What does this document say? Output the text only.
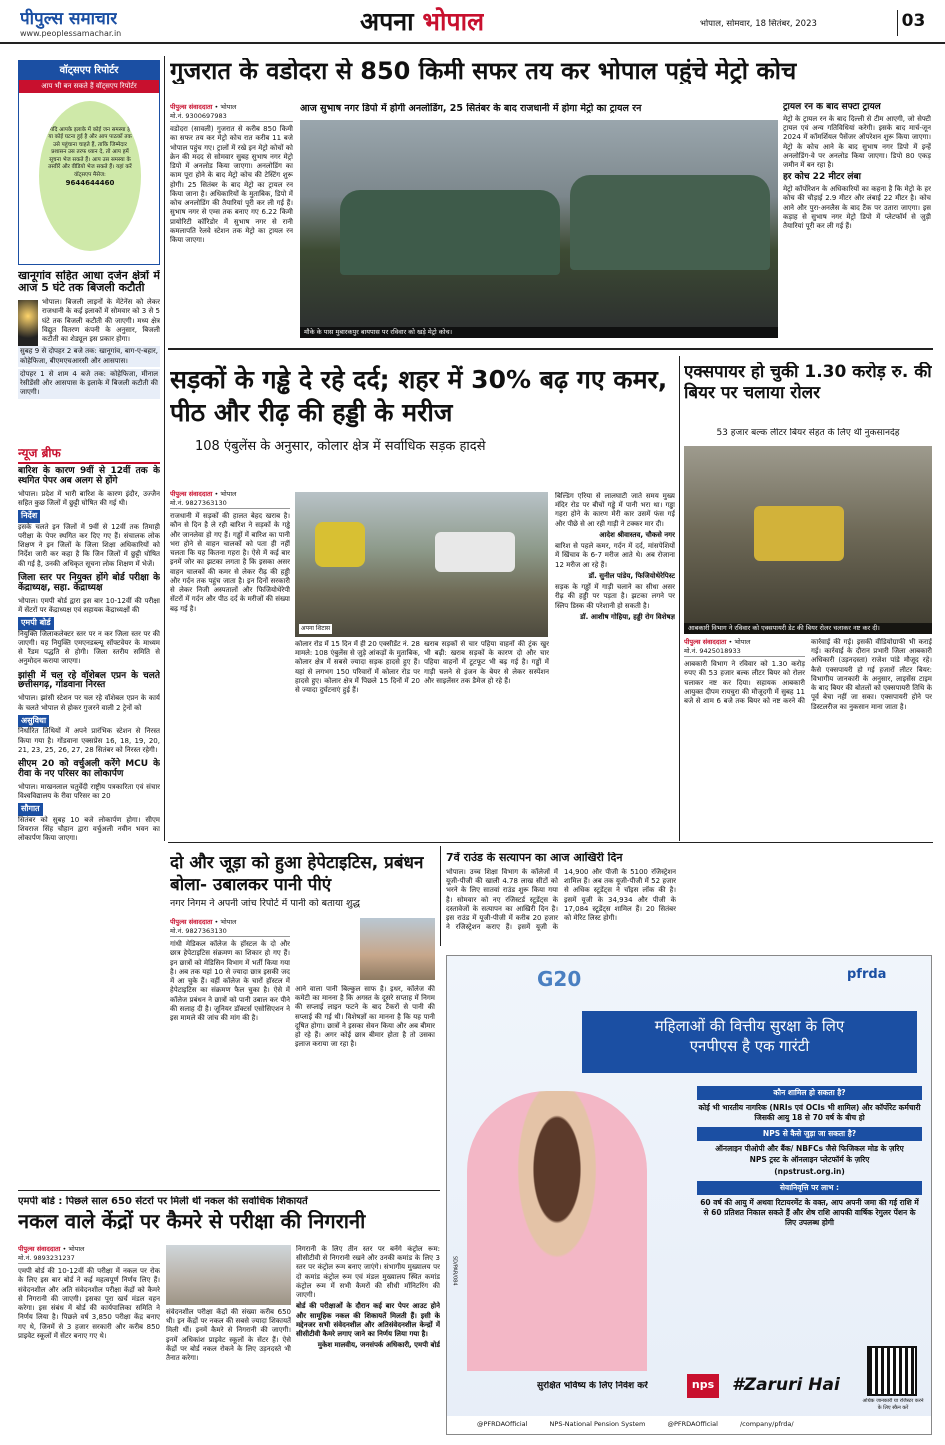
पीपुल्स समाचार
www.peoplessamachar.in	अपना भोपाल	भोपाल, सोमवार, 18 सितंबर, 2023	03
वॉट्सएप रिपोर्टर
आप भी बन सकते हैं वॉट्सएप रिपोर्टर
यदि आपके इलाके में कोई जन समस्या है या कोई घटना हुई है और आप पाठकों तक उसे पहुंचाना चाहते हैं, ताकि जिम्मेदार प्रशासन उस तरफ ध्यान दे, तो आप हमें सूचना भेज सकते हैं। आप उस समस्या के तस्वीरें और वीडियो भेज सकते हैं। यहां करें वॉट्सएप मैसेज:
9644644460
खानूगांव सहित आधा दर्जन क्षेत्रों में आज 5 घंटे तक बिजली कटौती

भोपाल। बिजली लाइनों के मेंटेनेंस को लेकर राजधानी के कई इलाकों में सोमवार को 3 से 5 घंटे तक बिजली कटौती की जाएगी। मध्य क्षेत्र विद्युत वितरण कंपनी के अनुसार, बिजली कटौती का शेड्यूल इस प्रकार होगा।

सुबह 9 से दोपहर 2 बजे तक: खानूगांव, बाग-ए-बहार, कोहेफिजा, बीएमएचआरसी और आसपास।

दोपहर 1 से शाम 4 बजे तक: कोहेफिजा, मीनाल रेसीडेंसी और आसपास के इलाके में बिजली कटौती की जाएगी।

न्यूज ब्रीफ
बारिश के कारण 9वीं से 12वीं तक के स्थगित पेपर अब अलग से होंगे

भोपाल। प्रदेश में भारी बारिश के कारण इंदौर, उज्जैन सहित कुछ जिलों में छुट्टी घोषित की गई थी।

निर्देश

इसके चलते इन जिलों में 9वीं से 12वीं तक तिमाही परीक्षा के पेपर स्थगित कर दिए गए हैं। संचालक लोक शिक्षण ने इन जिलों के जिला शिक्षा अधिकारियों को निर्देश जारी कर कहा है कि जिन जिलों में छुट्टी घोषित की गई है, उनकी अधिकृत सूचना लोक शिक्षण में भेजें।

जिला स्तर पर नियुक्त होंगे बोर्ड परीक्षा के केंद्राध्यक्ष, सहा. केंद्राध्यक्ष

भोपाल। एमपी बोर्ड द्वारा इस बार 10-12वीं की परीक्षा में सेंटरों पर केंद्राध्यक्ष एवं सहायक केंद्राध्यक्षों की

एमपी बोर्ड

नियुक्ति जिलाकलेक्टर स्तर पर न कर जिला स्तर पर की जाएगी। यह नियुक्ति एमएनडब्ल्यू सॉफ्टवेयर के माध्यम से रैंडम पद्धति से होगी। जिला स्तरीय समिति से अनुमोदन कराया जाएगा।

झांसी में चल रहे वॉशेबल एप्रन के चलते छत्तीसगढ़, गोंडवाना निरस्त

भोपाल। झांसी स्टेशन पर चल रहे वॉशेबल एप्रन के कार्य के चलते भोपाल से होकर गुजरने वाली 2 ट्रेनों को

असुविधा

निर्धारित तिथियों में अपने प्रारंभिक स्टेशन से निरस्त किया गया है। गोंडवाना एक्सप्रेस 16, 18, 19, 20, 21, 23, 25, 26, 27, 28 सितंबर को निरस्त रहेगी।

सीएम 20 को वर्चुअली करेंगे MCU के रीवा के नए परिसर का लोकार्पण

भोपाल। माखनलाल चतुर्वेदी राष्ट्रीय पत्रकारिता एवं संचार विश्वविद्यालय के रीवा परिसर का 20

सौगात

सितंबर को सुबह 10 बजे लोकार्पण होगा। सीएम शिवराज सिंह चौहान द्वारा वर्चुअली नवीन भवन का लोकार्पण किया जाएगा।

गुजरात के वडोदरा से 850 किमी सफर तय कर भोपाल पहुंचे मेट्रो कोच
आज सुभाष नगर डिपो में होगी अनलोडिंग, 25 सितंबर के बाद राजधानी में होगा मेट्रो का ट्रायल रन
पीपुल्स संवाददाता • भोपाल
मो.नं. 9300697983

वडोदरा (सावली) गुजरात से करीब 850 किमी का सफर तय कर मेट्रो कोच रात करीब 11 बजे भोपाल पहुंच गए। ट्रालों में रखे इन मेट्रो कोचों को क्रेन की मदद से सोमवार सुबह सुभाष नगर मेट्रो डिपो में अनलोड किया जाएगा। अनलोडिंग का काम पूरा होने के बाद मेट्रो कोच की टेस्टिंग शुरू होगी। 25 सितंबर के बाद मेट्रो का ट्रायल रन किया जाना है। अधिकारियों के मुताबिक, डिपो में कोच अनलोडिंग की तैयारियां पूरी कर ली गई हैं। सुभाष नगर से एम्स तक बनाए गए 6.22 किमी प्रायोरिटी कॉरिडोर में सुभाष नगर से रानी कमलापति रेलवे स्टेशन तक मेट्रो का ट्रायल रन किया जाएगा।

मौके के पास मुबारकपुर बायपास पर रविवार को खड़े मेट्रो कोच।
ट्रायल रन के बाद सेफ्टी ट्रायल

मेट्रो के ट्रायल रन के बाद दिल्ली से टीम आएगी, जो सेफ्टी ट्रायल एवं अन्य गतिविधियां करेगी। इसके बाद मार्च-जून 2024 में कॉमर्शियल पैसेंजर ऑपरेशन शुरू किया जाएगा। मेट्रो के कोच आने के बाद सुभाष नगर डिपो में इन्हें अनलोडिंग-वे पर अनलोड किया जाएगा। डिपो 80 एकड़ जमीन में बन रहा है।

हर कोच 22 मीटर लंबा

मेट्रो कॉर्पोरेशन के अधिकारियों का कहना है कि मेट्रो के हर कोच की चौड़ाई 2.9 मीटर और लंबाई 22 मीटर है। कोच आने और पुरा-अनलैस के बाद टैंक पर उतारा जाएगा। इस कड़ाह से सुभाष नगर मेट्रो डिपो में प्लेटफॉर्म से जुड़ी तैयारियां पूरी कर ली गई हैं।

सड़कों के गड्ढे दे रहे दर्द; शहर में 30% बढ़ गए कमर, पीठ और रीढ़ की हड्डी के मरीज
108 एंबुलेंस के अनुसार, कोलार क्षेत्र में सर्वाधिक सड़क हादसे
पीपुल्स संवाददाता • भोपाल
मो.नं. 9827363130

राजधानी में सड़कों की हालत बेहद खराब है। कौन से दिन है ले रही बारिश ने सड़कों के गड्ढे और जानलेवा हो गए हैं। गड्ढों में बारिश का पानी भरा होने से वाहन चालकों को पता ही नहीं चलता कि यह कितना गहरा है। ऐसे में कई बार इनमें जोर का झटका लगता है कि इसका असर वाहन चालकों की कमर से लेकर रीढ़ की हड्डी और गर्दन तक पहुंच जाता है। इन दिनों सरकारी से लेकर निजी अस्पतालों और फिजियोथेरेपी सेंटरों में गर्दन और पीठ दर्द के मरीजों की संख्या बढ़ गई है।

अपना शिटास

कोलार रोड में 15 दिन में ही 20 एक्सीडेंट नं. 28 मामले: 108 एंबुलेंस से जुड़े आंकड़ों के मुताबिक, कोलार क्षेत्र में सबसे ज्यादा सड़क हादसे हुए हैं। यहां से लगभग 150 परिवारों में कोलार रोड पर हादसे हुए। कोलार क्षेत्र में पिछले 15 दिनों में 20 से ज्यादा दुर्घटनाएं हुई हैं।

खराब सड़कों से चार पहिया वाहनों की ट्रंक खुर भी बढ़ी: खराब सड़कों के कारण दो और चार पहिया वाहनों में टूटफूट भी बढ़ गई है। गड्ढों में गाड़ी चलने से इंजन के बेयर से लेकर सस्पेंशन और साइलेंसर तक डैमेज हो रहे हैं।

बिल्डिंग एरिया से लालघाटी जाते समय मुख्य मंदिर रोड पर बीचों गड्ढे में पानी भरा था। गड्ढा गहरा होने के कारण मेरी कार उसमें फंस गई और पीछे से आ रही गाड़ी ने टक्कर मार दी।

आदेश श्रीवास्तव, चौकसे नगर

बारिश से पहले कमर, गर्दन में दर्द, मांसपेशियों में खिंचाव के 6-7 मरीज आते थे। अब रोजाना 12 मरीज आ रहे हैं।

डॉ. सुनील पांडेय, फिजियोथेरेपिस्ट

सड़क के गड्ढों में गाड़ी चलाने का सीधा असर रीढ़ की हड्डी पर पड़ता है। झटका लगने पर स्लिप डिस्क की परेशानी हो सकती है।

डॉ. आशीष गोहिया, हड्डी रोग विशेषज्ञ

एक्सपायर हो चुकी 1.30 करोड़ रु. की बियर पर चलाया रोलर
53 हजार बल्क लीटर बियर सेहत के लिए थी नुकसानदेह
आबकारी विभाग ने रविवार को एक्सपायरी डेट की बियर रोलर चलाकर नष्ट कर दी।
पीपुल्स संवाददाता • भोपाल
मो.नं. 9425018933

आबकारी विभाग ने रविवार को 1.30 करोड़ रुपए की 53 हजार बल्क लीटर बियर को रोलर चलाकर नष्ट कर दिया। सहायक आबकारी आयुक्त दीपम रायचुरा की मौजूदगी में सुबह 11 बजे से शाम 6 बजे तक बियर को नष्ट करने की कार्रवाई की गई। इसकी वीडियोग्राफी भी कराई गई। कार्रवाई के दौरान प्रभारी जिला आबकारी अधिकारी (उड़नदस्ता) राजेश पांडे मौजूद रहे। कैसे एक्सपायरी हो गई हजारों लीटर बियर: विभागीय जानकारी के अनुसार, लाइसेंस टाइम के बाद बियर की बोतलों को एक्सपायरी तिथि के पूर्व बेचा नहीं जा सका। एक्सपायरी होने पर डिस्टलरीज का नुकसान माना जाता है।

दो और जूड़ा को हुआ हेपेटाइटिस, प्रबंधन बोला- उबालकर पानी पीएं
नगर निगम ने अपनी जांच रिपोर्ट में पानी को बताया शुद्ध
पीपुल्स संवाददाता • भोपाल
मो.नं. 9827363130

गांधी मेडिकल कॉलेज के हॉस्टल के दो और छात्र हेपेटाइटिस संक्रमण का शिकार हो गए हैं। इन छात्रों को मेडिसिन विभाग में भर्ती किया गया है। अब तक यहां 10 से ज्यादा छात्र इसकी जद में आ चुके हैं। वहीं कॉलेज के चारों हॉस्टल में हेपेटाइटिस का संक्रमण फैल चुका है। ऐसे में कॉलेज प्रबंधन ने छात्रों को पानी उबाल कर पीने की सलाह दी है। जूनियर डॉक्टर्स एसोसिएशन ने इस मामले की जांच की मांग की है।

आने वाला पानी बिल्कुल साफ है। इधर, कॉलेज की कमेटी का मानना है कि अगस्त के दूसरे सप्ताह में निगम की सप्लाई लाइन फटने के बाद टैंकरों से पानी की सप्लाई की गई थी। विशेषज्ञों का मानना है कि यह पानी दूषित होगा। छात्रों ने इसका सेवन किया और अब बीमार हो रहे हैं। अगर कोई छात्र बीमार होता है तो उसका इलाज कराया जा रहा है।

7वें राउंड के सत्यापन का आज आखिरी दिन

भोपाल। उच्च शिक्षा विभाग के कॉलेजों में यूजी-पीजी की खाली 4.78 लाख सीटों को भरने के लिए सातवां राउंड शुरू किया गया है। सोमवार को नए रजिस्टर्ड स्टूडेंट्स के दस्तावेजों के सत्यापन का आखिरी दिन है। इस राउंड में यूजी-पीजी में करीब 20 हजार ने रजिस्ट्रेशन कराए हैं। इसमें यूजी के 14,900 और पीजी के 5100 रजिस्ट्रेशन शामिल हैं। अब तक यूजी-पीजी में 52 हजार से अधिक स्टूडेंट्स ने चॉइस लॉक की है। इसमें यूजी के 34,934 और पीजी के 17,084 स्टूडेंट्स शामिल हैं। 20 सितंबर को मेरिट लिस्ट होगी।

G20	pfrda
महिलाओं की वित्तीय सुरक्षा के लिए
एनपीएस है एक गारंटी
कौन शामिल हो सकता है?

कोई भी भारतीय नागरिक (NRIs एवं OCIs भी शामिल) और कॉर्पोरेट कर्मचारी जिसकी आयु 18 से 70 वर्ष के बीच हो

NPS से कैसे जुड़ा जा सकता है?

ऑनलाइन पीओपी और बैंक/ NBFCs जैसे फिजिकल मोड के ज़रिए

NPS ट्रस्ट के ऑनलाइन प्लेटफॉर्म के ज़रिए

(npstrust.org.in)

सेवानिवृत्ति पर लाभ :

60 वर्ष की आयु में अथवा रिटायरमेंट के वक्त, आप अपनी जमा की गई राशि में से 60 प्रतिशत निकाल सकते हैं और शेष राशि आपकी वार्षिक रेगुलर पेंशन के लिए उपलब्ध होगी

सुरक्षित भविष्य के लिए निवेश करें	nps #Zaruri Hai
अधिक जानकारी या रजिस्टर करने के लिए स्कैन करें
@PFRDAOfficial	NPS-National Pension System	@PFRDAOfficial	/company/pfrda/
SD/PAR/084
एमपी बोर्ड : पिछले साल 650 सेंटरों पर मिली थीं नकल की सर्वाधिक शिकायतें
नकल वाले केंद्रों पर कैमरे से परीक्षा की निगरानी
पीपुल्स संवाददाता • भोपाल
मो.नं. 9893231237

एमपी बोर्ड की 10-12वीं की परीक्षा में नकल पर रोक के लिए इस बार बोर्ड ने कई महत्वपूर्ण निर्णय लिए हैं। संवेदनशील और अति संवेदनशील परीक्षा केंद्रों को कैमरे से निगरानी की जाएगी। इसका पूरा खर्च मंडल वहन करेगा। इस संबंध में बोर्ड की कार्यपालिका समिति ने निर्णय लिया है। पिछले वर्ष 3,850 परीक्षा केंद्र बनाए गए थे, जिनमें से 3 हजार सरकारी और करीब 850 प्राइवेट स्कूलों में सेंटर बनाए गए थे।

संवेदनशील परीक्षा केंद्रों की संख्या करीब 650 थी। इन केंद्रों पर नकल की सबसे ज्यादा शिकायतें मिली थीं। इनमें कैमरे से निगरानी की जाएगी। इनमें अधिकांश प्राइवेट स्कूलों के सेंटर हैं। ऐसे केंद्रों पर बोर्ड नकल रोकने के लिए उड़नदस्ते भी तैनात करेगा।

निगरानी के लिए तीन स्तर पर बनेंगे कंट्रोल रूम: सीसीटीवी से निगरानी रखने और उनकी कमांड के लिए 3 स्तर पर कंट्रोल रूम बनाए जाएंगे। संभागीय मुख्यालय पर दो कमांड कंट्रोल रूम एवं मंडल मुख्यालय स्थित कमांड कंट्रोल रूम में सभी कैमरों की सीधी मॉनिटरिंग की जाएगी।

बोर्ड की परीक्षाओं के दौरान कई बार पेपर आउट होने और सामूहिक नकल की शिकायतें मिलती हैं। इसी के मद्देनजर सभी संवेदनशील और अतिसंवेदनशील केन्द्रों में सीसीटीवी कैमरे लगाए जाने का निर्णय लिया गया है।

मुकेश मालवीय, जनसंपर्क अधिकारी, एमपी बोर्ड
